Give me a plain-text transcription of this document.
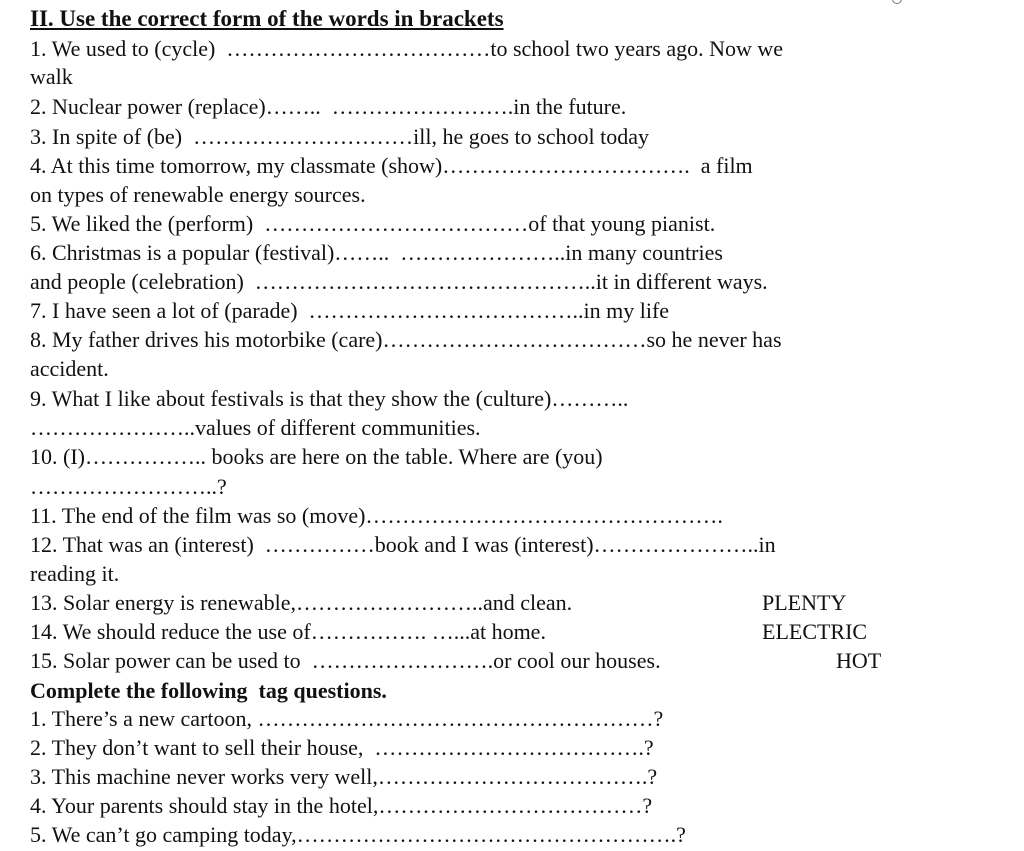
II. Use the correct form of the words in brackets
1. We used to (cycle)  ………………………………to school two years ago. Now we
walk
2. Nuclear power (replace)……..  …………………….in the future.
3. In spite of (be)  …………………………ill, he goes to school today
4. At this time tomorrow, my classmate (show)…………………………….  a film
on types of renewable energy sources.
5. We liked the (perform)  ………………………………of that young pianist.
6. Christmas is a popular (festival)……..  …………………..in many countries
and people (celebration)  ………………………………………..it in different ways.
7. I have seen a lot of (parade)  ………………………………..in my life
8. My father drives his motorbike (care)………………………………so he never has
accident.
9. What I like about festivals is that they show the (culture)………..
…………………..values of different communities.
10. (I)…………….. books are here on the table. Where are (you)
……………………..?
11. The end of the film was so (move)………………………………………….
12. That was an (interest)  ……………book and I was (interest)…………………..in
reading it.
13. Solar energy is renewable,……………………..and clean.
14. We should reduce the use of……………. …...at home.
15. Solar power can be used to  …………………….or cool our houses.
PLENTY
ELECTRIC
HOT
Complete the following  tag questions.
1. There’s a new cartoon, ………………………………………………?
2. They don’t want to sell their house,  ……………………………….?
3. This machine never works very well,……………………………….?
4. Your parents should stay in the hotel,………………………………?
5. We can’t go camping today,…………………………………………….?
